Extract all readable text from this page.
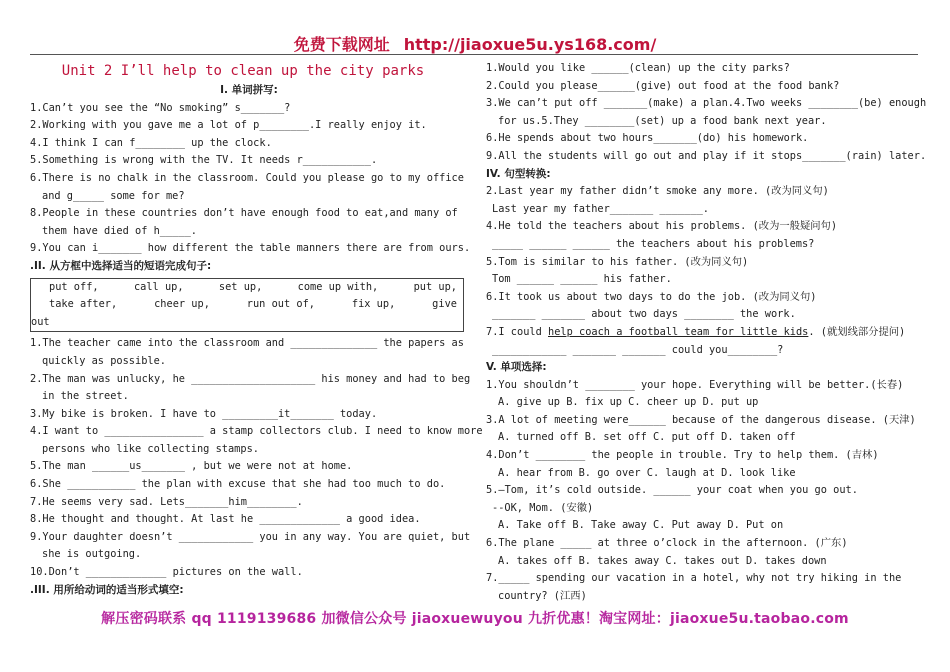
免费下载网址 http://jiaoxue5u.ys168.com/
Unit 2 I’ll help to clean up the city parks
I. 单词拼写:
1.Can’t you see the “No smoking” s_______?
2.Working with you gave me a lot of p________.I really enjoy it.
4.I think I can f________ up the clock.
5.Something is wrong with the TV. It needs r___________.
6.There is no chalk in the classroom. Could you please go to my office
and g_____ some for me?
8.People in these countries don’t have enough food to eat,and many of
them have died of h_____.
9.You can i_______ how different the table manners there are from ours.
.II. 从方框中选择适当的短语完成句子:
put off,	call up,	set up,	come up with,	put up,
take after,	cheer up,	run out of,	fix up,	give
out
1.The teacher came into the classroom and ______________ the papers as
quickly as possible.
2.The man was unlucky, he ____________________ his money and had to beg
in the street.
3.My bike is broken. I have to _________it_______ today.
4.I want to ________________ a stamp collectors club. I need to know more
persons who like collecting stamps.
5.The man ______us_______ , but we were not at home.
6.She ___________ the plan with excuse that she had too much to do.
7.He seems very sad. Lets_______him________.
8.He thought and thought. At last he _____________ a good idea.
9.Your daughter doesn’t ____________ you in any way. You are quiet, but
she is outgoing.
10.Don’t _____________ pictures on the wall.
.III. 用所给动词的适当形式填空:
1.Would you like ______(clean) up the city parks?
2.Could you please______(give) out food at the food bank?
3.We can’t put off _______(make) a plan.4.Two weeks ________(be) enough
for us.5.They ________(set) up a food bank next year.
6.He spends about two hours_______(do) his homework.
9.All the students will go out and play if it stops_______(rain) later.
IV. 句型转换:
2.Last year my father didn’t smoke any more. (改为同义句)
Last year my father_______ _______.
4.He told the teachers about his problems. (改为一般疑问句)
_____ ______ ______ the teachers about his problems?
5.Tom is similar to his father. (改为同义句)
Tom ______ ______ his father.
6.It took us about two days to do the job. (改为同义句)
_______ _______ about two days ________ the work.
7.I could help coach a football team for little kids. (就划线部分提问)
____________ _______ _______ could you________?
V. 单项选择:
1.You shouldn’t ________ your hope. Everything will be better.(长春)
A. give up B. fix up C. cheer up D. put up
3.A lot of meeting were______ because of the dangerous disease. (天津)
A. turned off B. set off C. put off D. taken off
4.Don’t ________ the people in trouble. Try to help them. (吉林)
A. hear from B. go over C. laugh at D. look like
5.—Tom, it’s cold outside. ______ your coat when you go out.
--OK, Mom. (安徽)
A. Take off B. Take away C. Put away D. Put on
6.The plane _____ at three o’clock in the afternoon. (广东)
A. takes off B. takes away C. takes out D. takes down
7._____ spending our vacation in a hotel, why not try hiking in the
country? (江西)
解压密码联系 qq 1119139686 加微信公众号 jiaoxuewuyou 九折优惠！淘宝网址：jiaoxue5u.taobao.com
